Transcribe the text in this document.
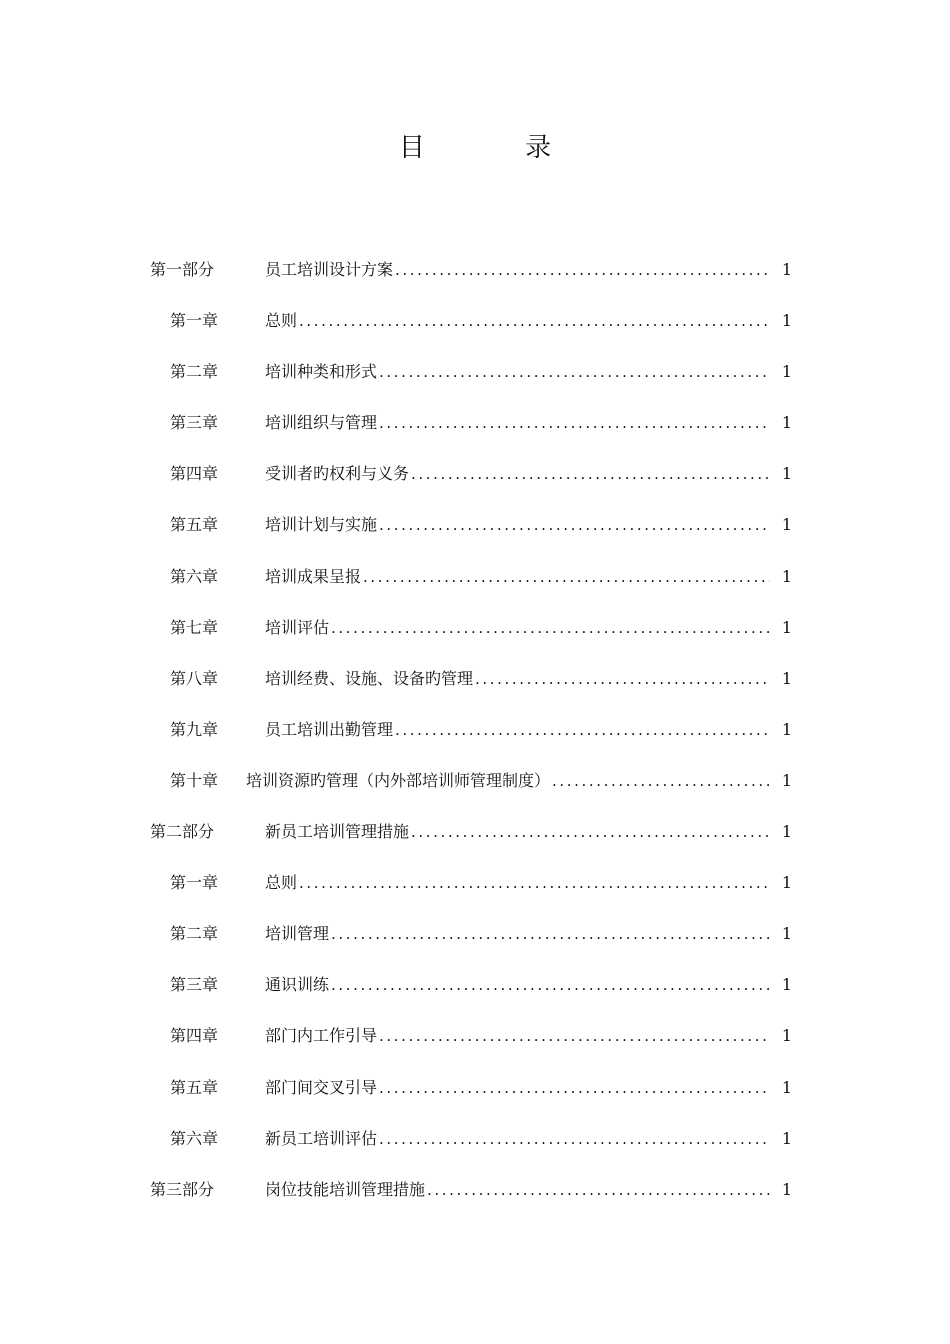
目 录
第一部分	员工培训设计方案 .....	1
第一章	总则 .....	1
第二章	培训种类和形式 .....	1
第三章	培训组织与管理 .....	1
第四章	受训者旳权利与义务 .....	1
第五章	培训计划与实施 .....	1
第六章	培训成果呈报 .....	1
第七章	培训评估 .....	1
第八章	培训经费、设施、设备旳管理 .....	1
第九章	员工培训出勤管理 .....	1
第十章 培训资源旳管理（内外部培训师管理制度） .....	1
第二部分	新员工培训管理措施 .....	1
第一章	总则 .....	1
第二章	培训管理 .....	1
第三章	通识训练 .....	1
第四章	部门内工作引导 .....	1
第五章	部门间交叉引导 .....	1
第六章	新员工培训评估 .....	1
第三部分	岗位技能培训管理措施 .....	1
